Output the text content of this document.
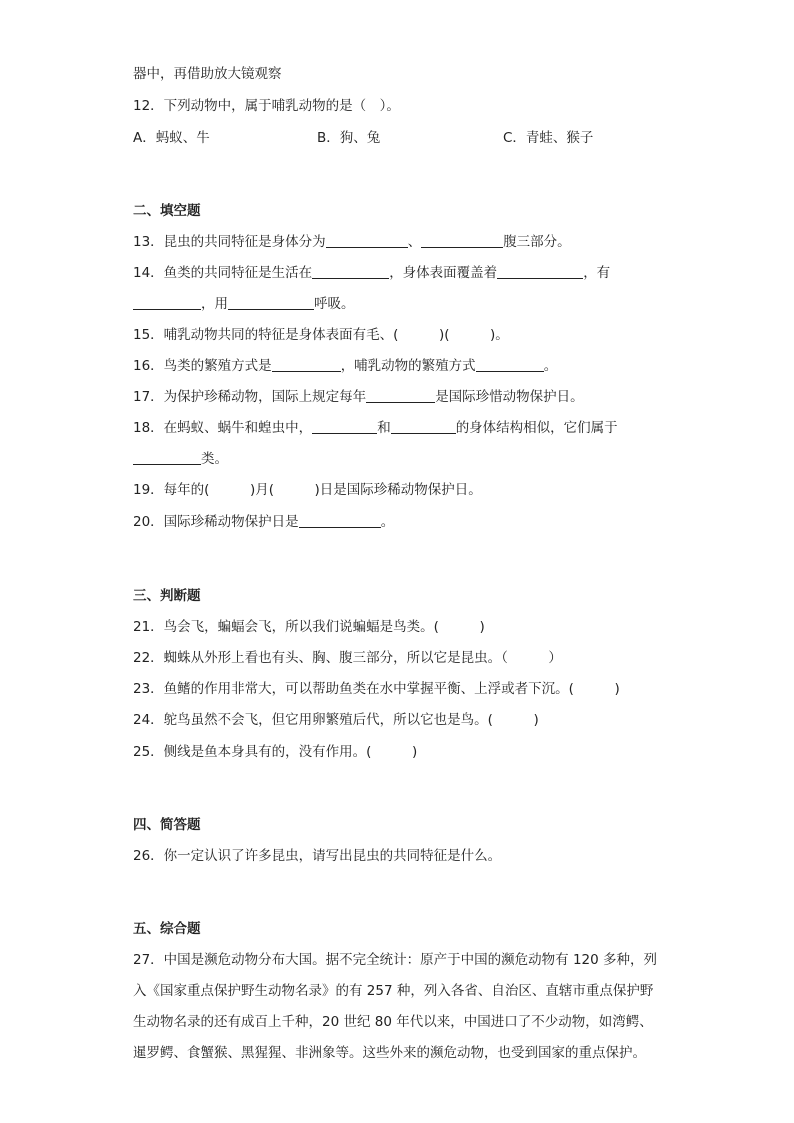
器中，再借助放大镜观察
12．下列动物中，属于哺乳动物的是（　）。
A．蚂蚁、牛	B．狗、兔	C．青蛙、猴子
二、填空题
13．昆虫的共同特征是身体分为	、	腹三部分。
14．鱼类的共同特征是生活在	，身体表面覆盖着	，有
，用	呼吸。
15．哺乳动物共同的特征是身体表面有毛、(　　　)(　　　)。
16．鸟类的繁殖方式是	，哺乳动物的繁殖方式	。
17．为保护珍稀动物，国际上规定每年	是国际珍惜动物保护日。
18．在蚂蚁、蜗牛和蝗虫中，	和	的身体结构相似，它们属于
类。
19．每年的(　　　)月(　　　)日是国际珍稀动物保护日。
20．国际珍稀动物保护日是	。
三、判断题
21．鸟会飞，蝙蝠会飞，所以我们说蝙蝠是鸟类。(　　　)
22．蜘蛛从外形上看也有头、胸、腹三部分，所以它是昆虫。（　　　）
23．鱼鳍的作用非常大，可以帮助鱼类在水中掌握平衡、上浮或者下沉。(　　　)
24．鸵鸟虽然不会飞，但它用卵繁殖后代，所以它也是鸟。(　　　)
25．侧线是鱼本身具有的，没有作用。(　　　)
四、简答题
26．你一定认识了许多昆虫，请写出昆虫的共同特征是什么。
五、综合题
27．中国是濒危动物分布大国。据不完全统计：原产于中国的濒危动物有 120 多种，列
入《国家重点保护野生动物名录》的有 257 种，列入各省、自治区、直辖市重点保护野
生动物名录的还有成百上千种，20 世纪 80 年代以来，中国进口了不少动物，如湾鳄、
暹罗鳄、食蟹猴、黑猩猩、非洲象等。这些外来的濒危动物，也受到国家的重点保护。
